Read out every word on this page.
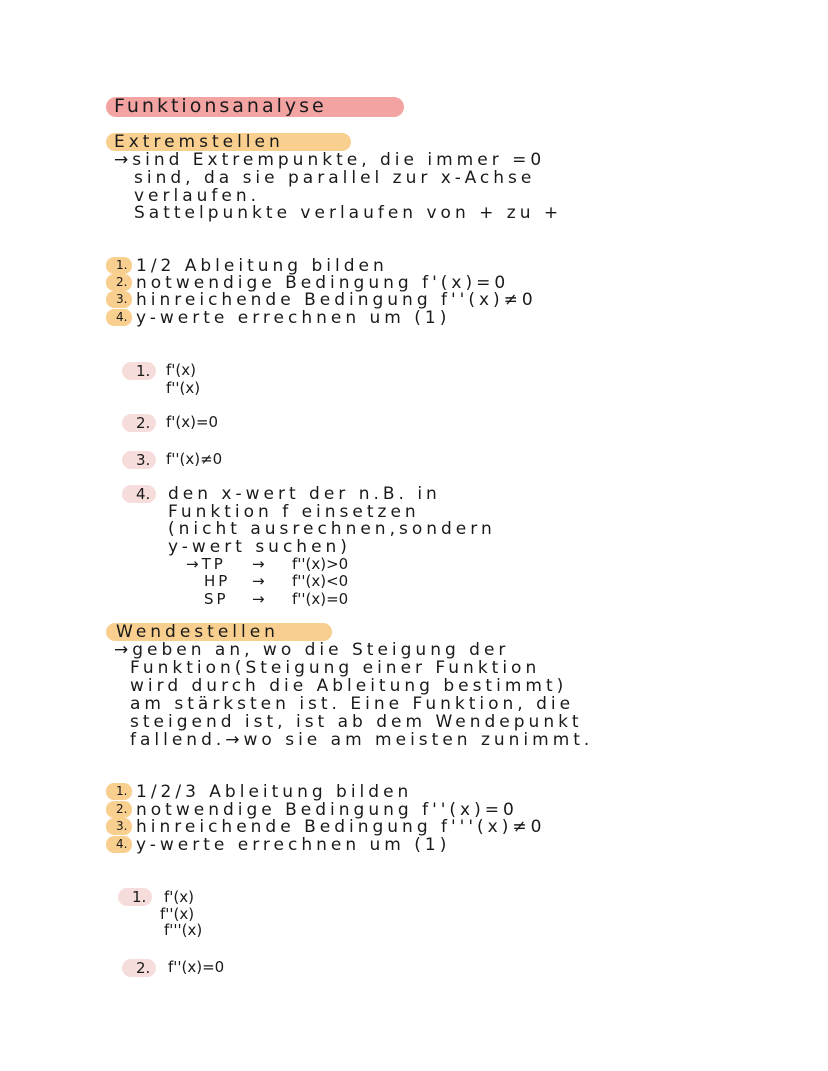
Funktionsanalyse
Extremstellen
→sind Extrempunkte, die immer =0
sind, da sie parallel zur x-Achse
verlaufen.
Sattelpunkte verlaufen von + zu +
1. 1/2 Ableitung bilden
2. notwendige Bedingung f'(x)=0
3. hinreichende Bedingung f''(x)≠0
4. y-werte errechnen um (1)
1.	f'(x)
f''(x)
2.	f'(x)=0
3.	f''(x)≠0
4.	den x-wert der n.B. in
Funktion f einsetzen
(nicht ausrechnen,sondern
y-wert suchen)
→TP → f''(x)>0
HP → f''(x)<0
SP → f''(x)=0
Wendestellen
→geben an, wo die Steigung der
Funktion(Steigung einer Funktion
wird durch die Ableitung bestimmt)
am stärksten ist. Eine Funktion, die
steigend ist, ist ab dem Wendepunkt
fallend.→wo sie am meisten zunimmt.
1. 1/2/3 Ableitung bilden
2. notwendige Bedingung f''(x)=0
3. hinreichende Bedingung f'''(x)≠0
4. y-werte errechnen um (1)
1.	f'(x)
f''(x)
f'''(x)
2.	f''(x)=0
